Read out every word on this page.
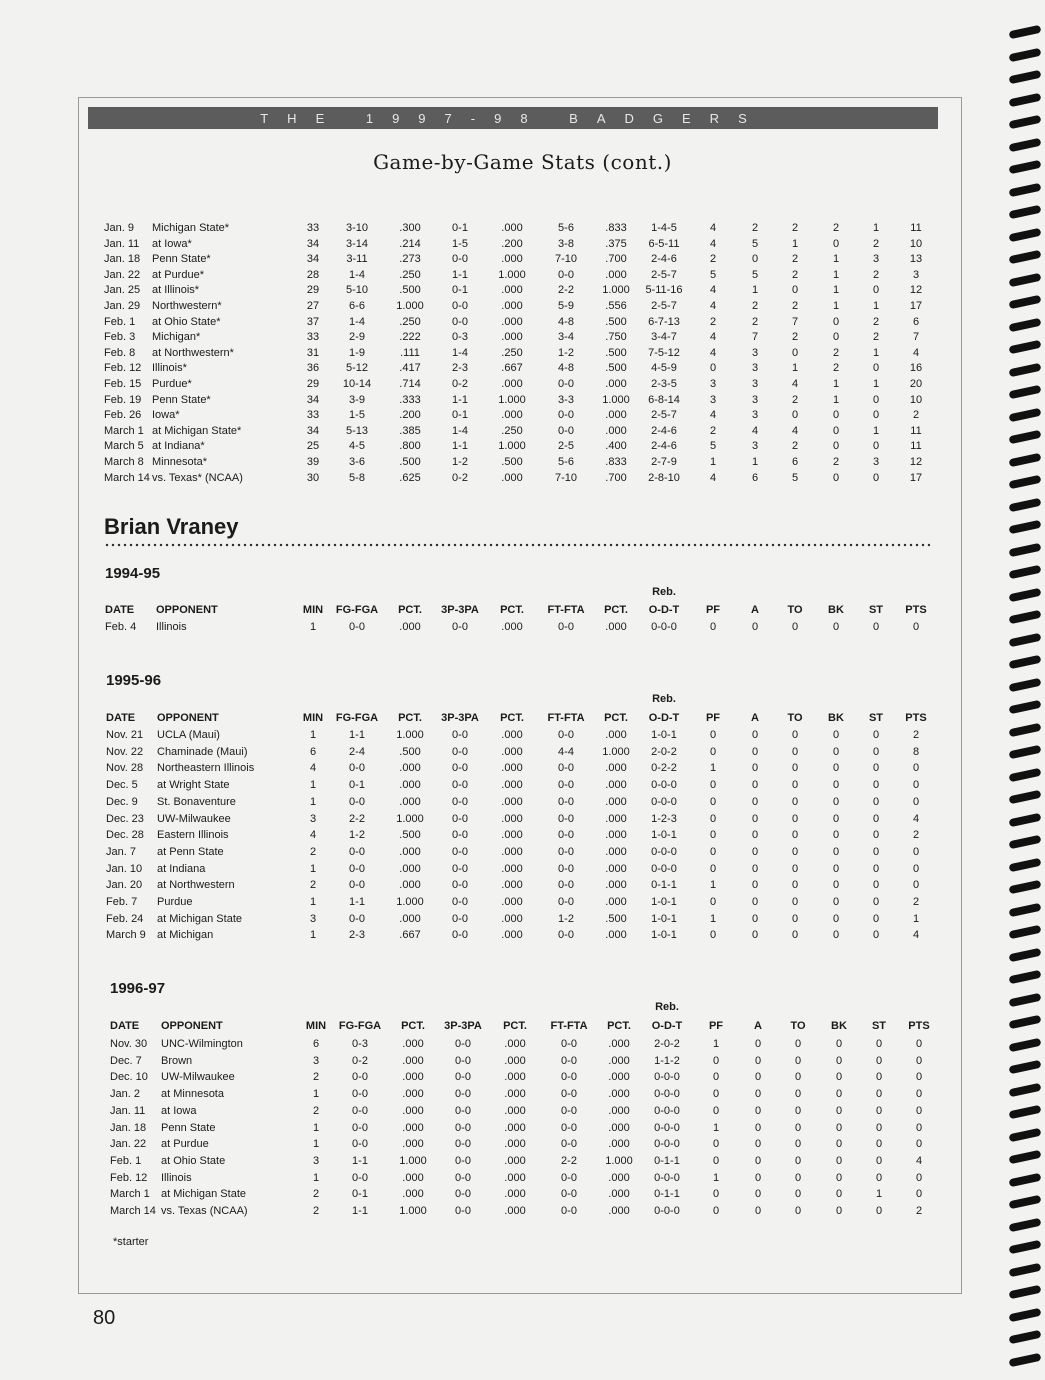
THE 1997-98 BADGERS
Game-by-Game Stats (cont.)
Jan. 9 Michigan State*	33	3-10	.300	0-1	.000	5-6	.833	1-4-5	4	2	2	2	1	11
Jan. 11 at Iowa*	34	3-14	.214	1-5	.200	3-8	.375	6-5-11	4	5	1	0	2	10
Jan. 18 Penn State*	34	3-11	.273	0-0	.000	7-10	.700	2-4-6	2	0	2	1	3	13
Jan. 22 at Purdue*	28	1-4	.250	1-1	1.000	0-0	.000	2-5-7	5	5	2	1	2	3
Jan. 25 at Illinois*	29	5-10	.500	0-1	.000	2-2	1.000	5-11-16	4	1	0	1	0	12
Jan. 29 Northwestern*	27	6-6	1.000	0-0	.000	5-9	.556	2-5-7	4	2	2	1	1	17
Feb. 1 at Ohio State*	37	1-4	.250	0-0	.000	4-8	.500	6-7-13	2	2	7	0	2	6
Feb. 3 Michigan*	33	2-9	.222	0-3	.000	3-4	.750	3-4-7	4	7	2	0	2	7
Feb. 8 at Northwestern*	31	1-9	.111	1-4	.250	1-2	.500	7-5-12	4	3	0	2	1	4
Feb. 12 Illinois*	36	5-12	.417	2-3	.667	4-8	.500	4-5-9	0	3	1	2	0	16
Feb. 15 Purdue*	29	10-14	.714	0-2	.000	0-0	.000	2-3-5	3	3	4	1	1	20
Feb. 19 Penn State*	34	3-9	.333	1-1	1.000	3-3	1.000	6-8-14	3	3	2	1	0	10
Feb. 26 Iowa*	33	1-5	.200	0-1	.000	0-0	.000	2-5-7	4	3	0	0	0	2
March 1 at Michigan State*	34	5-13	.385	1-4	.250	0-0	.000	2-4-6	2	4	4	0	1	11
March 5 at Indiana*	25	4-5	.800	1-1	1.000	2-5	.400	2-4-6	5	3	2	0	0	11
March 8 Minnesota*	39	3-6	.500	1-2	.500	5-6	.833	2-7-9	1	1	6	2	3	12
March 14 vs. Texas* (NCAA)	30	5-8	.625	0-2	.000	7-10	.700	2-8-10	4	6	5	0	0	17
Brian Vraney
1994-95
Reb.
DATE OPPONENT	MIN	FG-FGA	PCT.	3P-3PA	PCT.	FT-FTA	PCT.	O-D-T	PF	A	TO	BK	ST	PTS
Feb. 4 Illinois	1	0-0	.000	0-0	.000	0-0	.000	0-0-0	0	0	0	0	0	0
1995-96
Reb.
DATE OPPONENT	MIN	FG-FGA	PCT.	3P-3PA	PCT.	FT-FTA	PCT.	O-D-T	PF	A	TO	BK	ST	PTS
Nov. 21 UCLA (Maui)	1	1-1	1.000	0-0	.000	0-0	.000	1-0-1	0	0	0	0	0	2
Nov. 22 Chaminade (Maui)	6	2-4	.500	0-0	.000	4-4	1.000	2-0-2	0	0	0	0	0	8
Nov. 28 Northeastern Illinois	4	0-0	.000	0-0	.000	0-0	.000	0-2-2	1	0	0	0	0	0
Dec. 5 at Wright State	1	0-1	.000	0-0	.000	0-0	.000	0-0-0	0	0	0	0	0	0
Dec. 9 St. Bonaventure	1	0-0	.000	0-0	.000	0-0	.000	0-0-0	0	0	0	0	0	0
Dec. 23 UW-Milwaukee	3	2-2	1.000	0-0	.000	0-0	.000	1-2-3	0	0	0	0	0	4
Dec. 28 Eastern Illinois	4	1-2	.500	0-0	.000	0-0	.000	1-0-1	0	0	0	0	0	2
Jan. 7 at Penn State	2	0-0	.000	0-0	.000	0-0	.000	0-0-0	0	0	0	0	0	0
Jan. 10 at Indiana	1	0-0	.000	0-0	.000	0-0	.000	0-0-0	0	0	0	0	0	0
Jan. 20 at Northwestern	2	0-0	.000	0-0	.000	0-0	.000	0-1-1	1	0	0	0	0	0
Feb. 7 Purdue	1	1-1	1.000	0-0	.000	0-0	.000	1-0-1	0	0	0	0	0	2
Feb. 24 at Michigan State	3	0-0	.000	0-0	.000	1-2	.500	1-0-1	1	0	0	0	0	1
March 9 at Michigan	1	2-3	.667	0-0	.000	0-0	.000	1-0-1	0	0	0	0	0	4
1996-97
Reb.
DATE OPPONENT	MIN	FG-FGA	PCT.	3P-3PA	PCT.	FT-FTA	PCT.	O-D-T	PF	A	TO	BK	ST	PTS
Nov. 30 UNC-Wilmington	6	0-3	.000	0-0	.000	0-0	.000	2-0-2	1	0	0	0	0	0
Dec. 7 Brown	3	0-2	.000	0-0	.000	0-0	.000	1-1-2	0	0	0	0	0	0
Dec. 10 UW-Milwaukee	2	0-0	.000	0-0	.000	0-0	.000	0-0-0	0	0	0	0	0	0
Jan. 2 at Minnesota	1	0-0	.000	0-0	.000	0-0	.000	0-0-0	0	0	0	0	0	0
Jan. 11 at Iowa	2	0-0	.000	0-0	.000	0-0	.000	0-0-0	0	0	0	0	0	0
Jan. 18 Penn State	1	0-0	.000	0-0	.000	0-0	.000	0-0-0	1	0	0	0	0	0
Jan. 22 at Purdue	1	0-0	.000	0-0	.000	0-0	.000	0-0-0	0	0	0	0	0	0
Feb. 1 at Ohio State	3	1-1	1.000	0-0	.000	2-2	1.000	0-1-1	0	0	0	0	0	4
Feb. 12 Illinois	1	0-0	.000	0-0	.000	0-0	.000	0-0-0	1	0	0	0	0	0
March 1 at Michigan State	2	0-1	.000	0-0	.000	0-0	.000	0-1-1	0	0	0	0	1	0
March 14 vs. Texas (NCAA)	2	1-1	1.000	0-0	.000	0-0	.000	0-0-0	0	0	0	0	0	2
*starter
80
